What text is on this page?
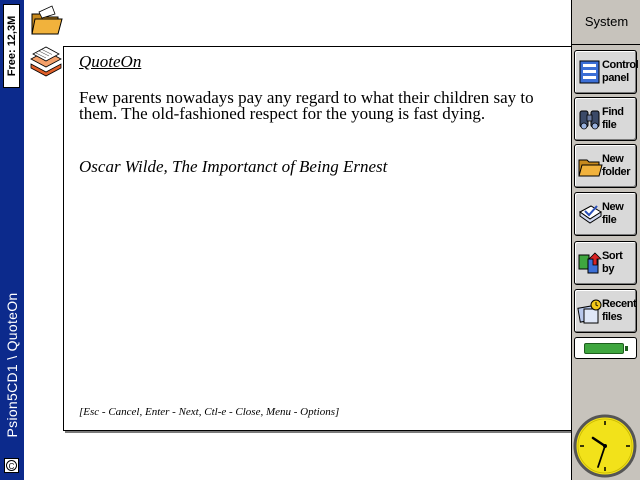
Free: 12,3M
Psion5CD1 \ QuoteOn
C
QuoteOn
Few parents nowadays pay any regard to what their children say to them. The old-fashioned respect for the young is fast dying.
Oscar Wilde, The Importanct of Being Ernest
[Esc - Cancel, Enter - Next, Ctl-e - Close, Menu - Options]
System
Control
panel
Find
file
New
folder
New
file
Sort
by
Recent
files
